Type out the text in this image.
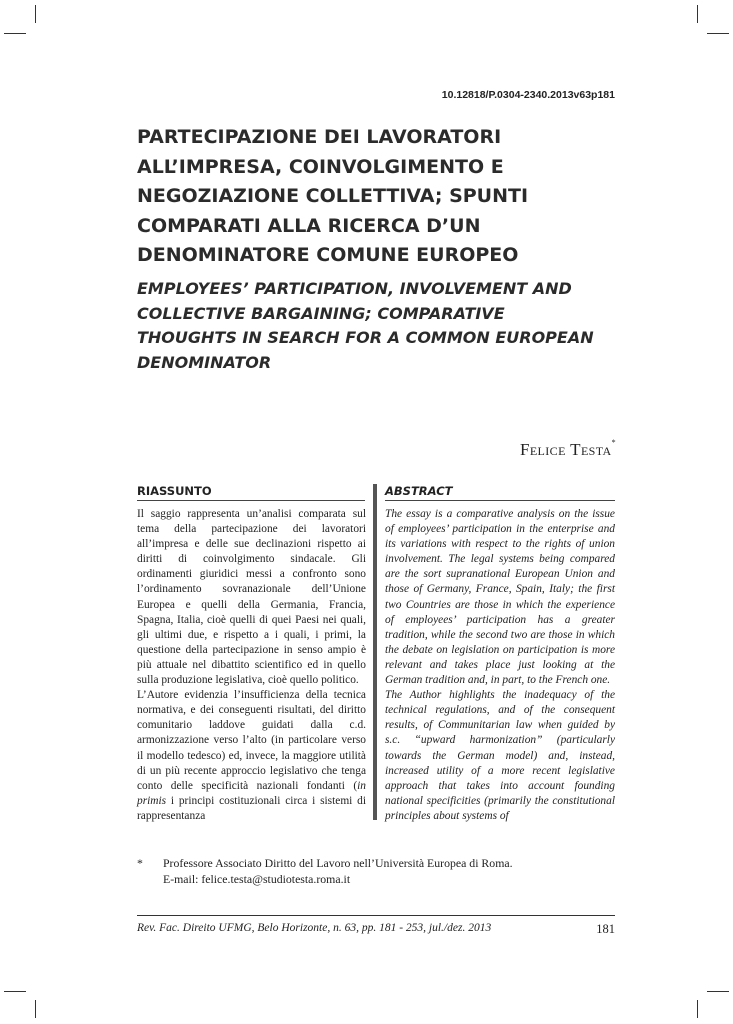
10.12818/P.0304-2340.2013v63p181
PARTECIPAZIONE DEI LAVORATORI ALL’IMPRESA, COINVOLGIMENTO E NEGOZIAZIONE COLLETTIVA; SPUNTI COMPARATI ALLA RICERCA D’UN DENOMINATORE COMUNE EUROPEO
EMPLOYEES’ PARTICIPATION, INVOLVEMENT AND COLLECTIVE BARGAINING; COMPARATIVE THOUGHTS IN SEARCH FOR A COMMON EUROPEAN DENOMINATOR
Felice Testa*
RIASSUNTO	ABSTRACT

Il saggio rappresenta un’analisi comparata sul tema della partecipazione dei lavoratori all’impresa e delle sue declinazioni rispetto ai diritti di coinvolgimento sindacale. Gli ordinamenti giuridici messi a confronto sono l’ordinamento sovranazionale dell’Unione Europea e quelli della Germania, Francia, Spagna, Italia, cioè quelli di quei Paesi nei quali, gli ultimi due, e rispetto a i quali, i primi, la questione della partecipazione in senso ampio è più attuale nel dibattito scientifico ed in quello sulla produzione legislativa, cioè quello politico.

L’Autore evidenzia l’insufficienza della tecnica normativa, e dei conseguenti risultati, del diritto comunitario laddove guidati dalla c.d. armonizzazione verso l’alto (in particolare verso il modello tedesco) ed, invece, la maggiore utilità di un più recente approccio legislativo che tenga conto delle specificità nazionali fondanti (in primis i principi costituzionali circa i sistemi di rappresentanza

The essay is a comparative analysis on the issue of employees’ participation in the enterprise and its variations with respect to the rights of union involvement. The legal systems being compared are the sort supranational European Union and those of Germany, France, Spain, Italy; the first two Countries are those in which the experience of employees’ participation has a greater tradition, while the second two are those in which the debate on legislation on participation is more relevant and takes place just looking at the German tradition and, in part, to the French one.

The Author highlights the inadequacy of the technical regulations, and of the consequent results, of Communitarian law when guided by s.c. “upward harmonization” (particularly towards the German model) and, instead, increased utility of a more recent legislative approach that takes into account founding national specificities (primarily the constitutional principles about systems of

* Professore Associato Diritto del Lavoro nell’Università Europea di Roma.
E-mail: felice.testa@studiotesta.roma.it
Rev. Fac. Direito UFMG, Belo Horizonte, n. 63, pp. 181 - 253, jul./dez. 2013	181
